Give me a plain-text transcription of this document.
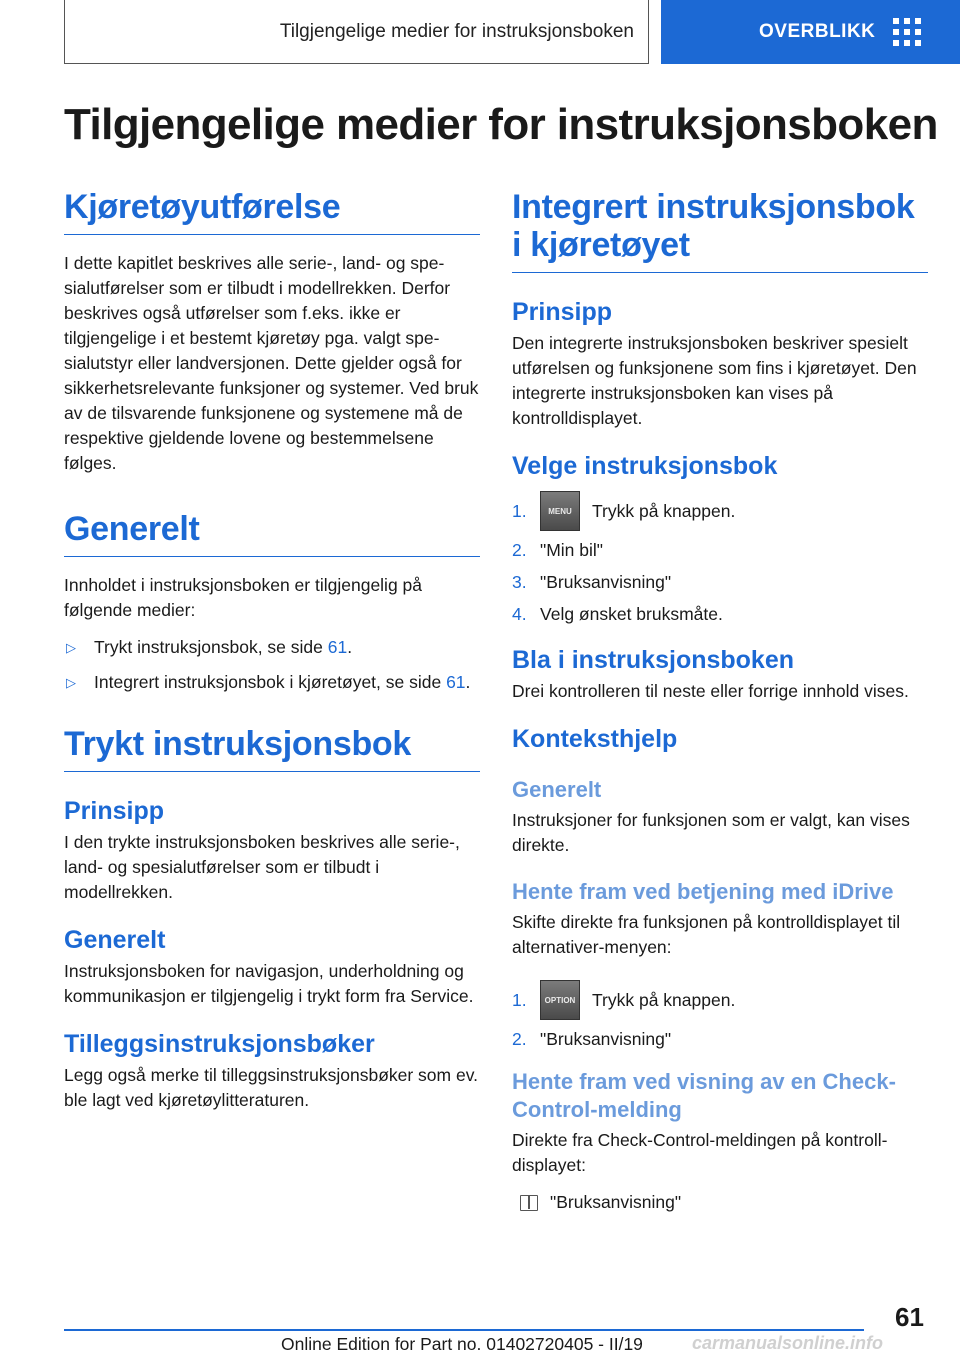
Tilgjengelige medier for instruksjonsboken	OVERBLIKK
Tilgjengelige medier for instruksjonsboken
Kjøretøyutførelse

I dette kapitlet beskrives alle serie-, land- og spesialutførelser som er tilbudt i modellrekken. Derfor beskrives også utførelser som f.eks. ikke er tilgjengelige i et bestemt kjøretøy pga. valgt spesialutstyr eller landversjonen. Dette gjelder også for sikkerhetsrelevante funksjoner og systemer. Ved bruk av de tilsvarende funksjonene og systemene må de respektive gjeldende lovene og bestemmelsene følges.

Generelt

Innholdet i instruksjonsboken er tilgjengelig på følgende medier:

▷ Trykt instruksjonsbok, se side 61.
▷ Integrert instruksjonsbok i kjøretøyet, se side 61.
Trykt instruksjonsbok
Prinsipp

I den trykte instruksjonsboken beskrives alle serie-, land- og spesialutførelser som er tilbudt i modellrekken.

Generelt

Instruksjonsboken for navigasjon, underholdning og kommunikasjon er tilgjengelig i trykt form fra Service.

Tilleggsinstruksjonsbøker

Legg også merke til tilleggsinstruksjonsbøker som ev. ble lagt ved kjøretøylitteraturen.

Integrert instruksjonsbok i kjøretøyet
Prinsipp

Den integrerte instruksjonsboken beskriver spesielt utførelsen og funksjonene som fins i kjøretøyet. Den integrerte instruksjonsboken kan vises på kontrolldisplayet.

Velge instruksjonsbok
1.	MENU	Trykk på knappen.
2. "Min bil"
3. "Bruksanvisning"
4. Velg ønsket bruksmåte.
Bla i instruksjonsboken

Drei kontrolleren til neste eller forrige innhold vises.

Konteksthjelp
Generelt

Instruksjoner for funksjonen som er valgt, kan vises direkte.

Hente fram ved betjening med iDrive

Skifte direkte fra funksjonen på kontrolldisplayet til alternativer-menyen:

1.	OPTION Trykk på knappen.
2. "Bruksanvisning"
Hente fram ved visning av en Check-Control-melding

Direkte fra Check-Control-meldingen på kontrolldisplayet:

"Bruksanvisning"
61
Online Edition for Part no. 01402720405 - II/19	carmanualsonline.info
